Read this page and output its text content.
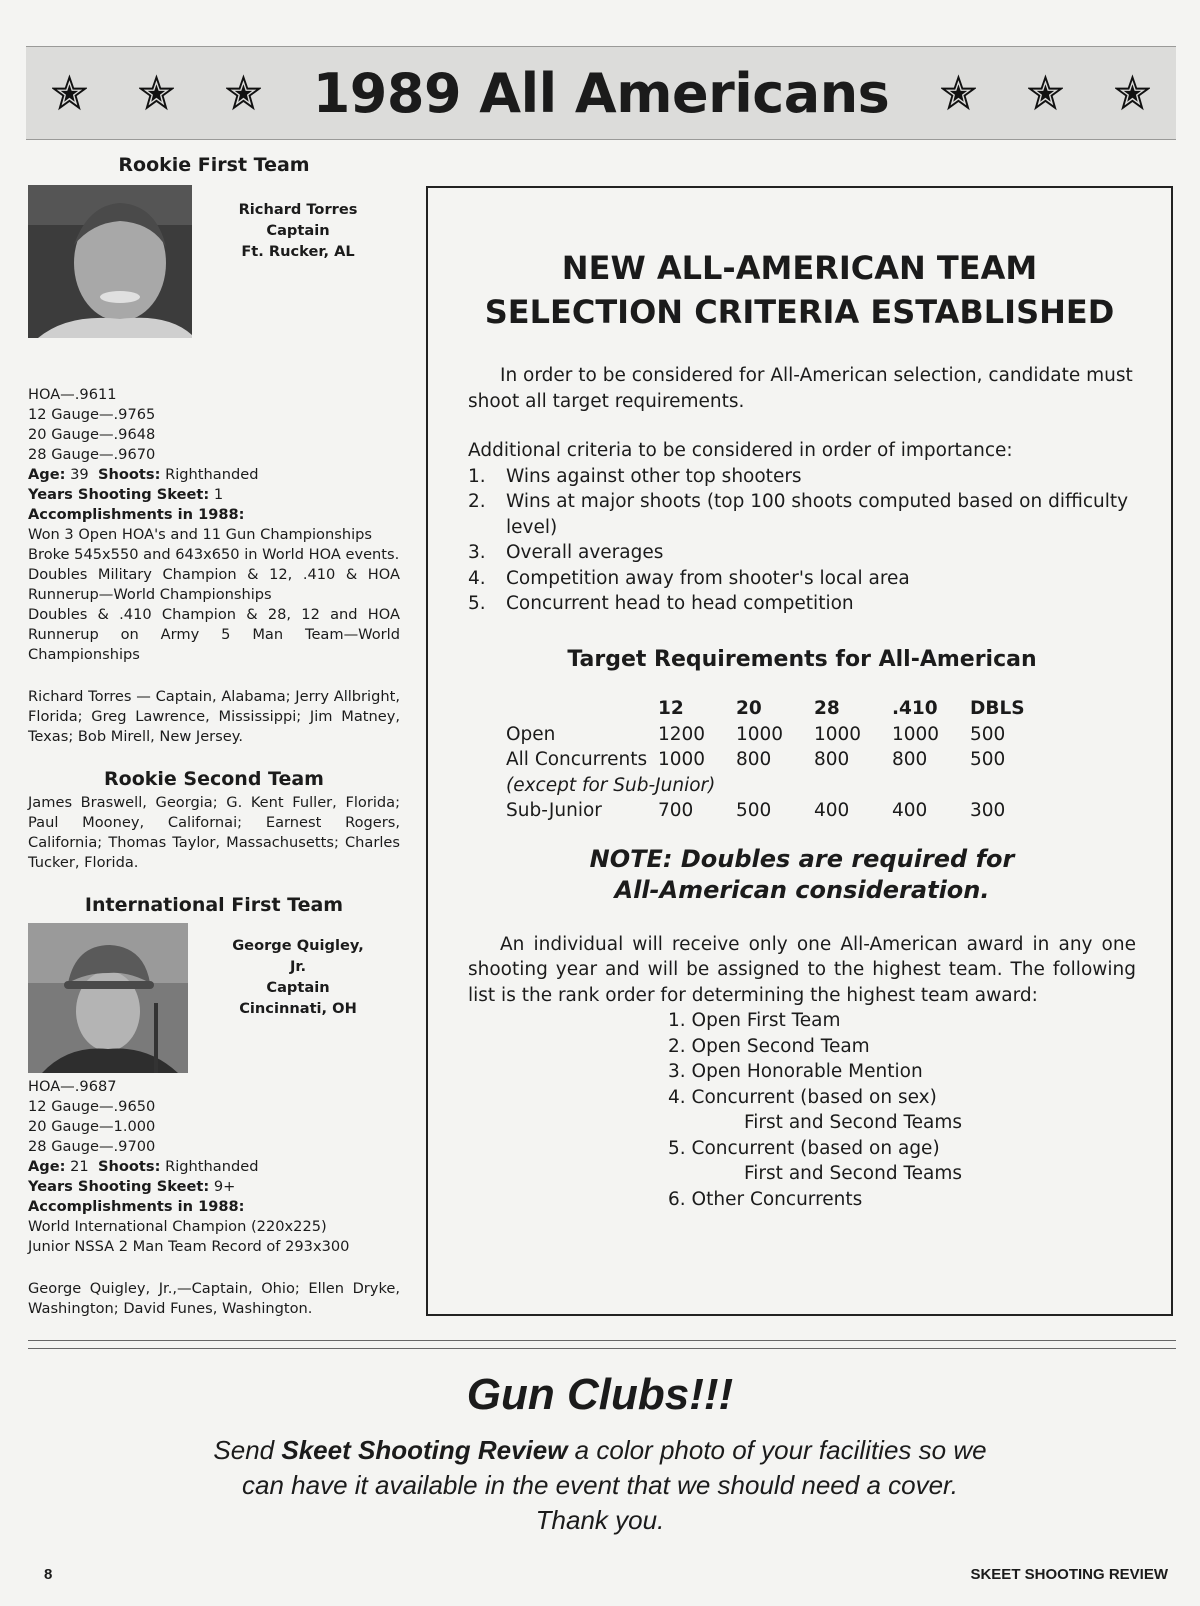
1989 All Americans
Rookie First Team
Richard Torres
Captain
Ft. Rucker, AL
HOA—.9611
12 Gauge—.9765
20 Gauge—.9648
28 Gauge—.9670
Age: 39 Shoots: Righthanded
Years Shooting Skeet: 1
Accomplishments in 1988:
Won 3 Open HOA's and 11 Gun Championships
Broke 545x550 and 643x650 in World HOA events.
Doubles Military Champion & 12, .410 & HOA Runnerup—World Championships
Doubles & .410 Champion & 28, 12 and HOA Runnerup on Army 5 Man Team—World Championships
Richard Torres — Captain, Alabama; Jerry Allbright, Florida; Greg Lawrence, Mississippi; Jim Matney, Texas; Bob Mirell, New Jersey.
Rookie Second Team
James Braswell, Georgia; G. Kent Fuller, Florida; Paul Mooney, Californai; Earnest Rogers, California; Thomas Taylor, Massachusetts; Charles Tucker, Florida.
International First Team
George Quigley, Jr.
Captain
Cincinnati, OH
HOA—.9687
12 Gauge—.9650
20 Gauge—1.000
28 Gauge—.9700
Age: 21 Shoots: Righthanded
Years Shooting Skeet: 9+
Accomplishments in 1988:
World International Champion (220x225)
Junior NSSA 2 Man Team Record of 293x300
George Quigley, Jr.,—Captain, Ohio; Ellen Dryke, Washington; David Funes, Washington.
NEW ALL-AMERICAN TEAM
SELECTION CRITERIA ESTABLISHED
In order to be considered for All-American selection, candidate must shoot all target requirements.
Additional criteria to be considered in order of importance:
1. Wins against other top shooters
2. Wins at major shoots (top 100 shoots computed based on difficulty level)
3. Overall averages
4. Competition away from shooter's local area
5. Concurrent head to head competition
Target Requirements for All-American
	12	20	28	.410	DBLS
Open	1200	1000	1000	1000	500
All Concurrents	1000	800	800	800	500
(except for Sub-Junior)					
Sub-Junior	700	500	400	400	300
NOTE: Doubles are required for
All-American consideration.
An individual will receive only one All-American award in any one shooting year and will be assigned to the highest team. The following list is the rank order for determining the highest team award:
1. Open First Team
2. Open Second Team
3. Open Honorable Mention
4. Concurrent (based on sex)
First and Second Teams
5. Concurrent (based on age)
First and Second Teams
6. Other Concurrents
Gun Clubs!!!
Send Skeet Shooting Review a color photo of your facilities so we
can have it available in the event that we should need a cover.
Thank you.
8	SKEET SHOOTING REVIEW
